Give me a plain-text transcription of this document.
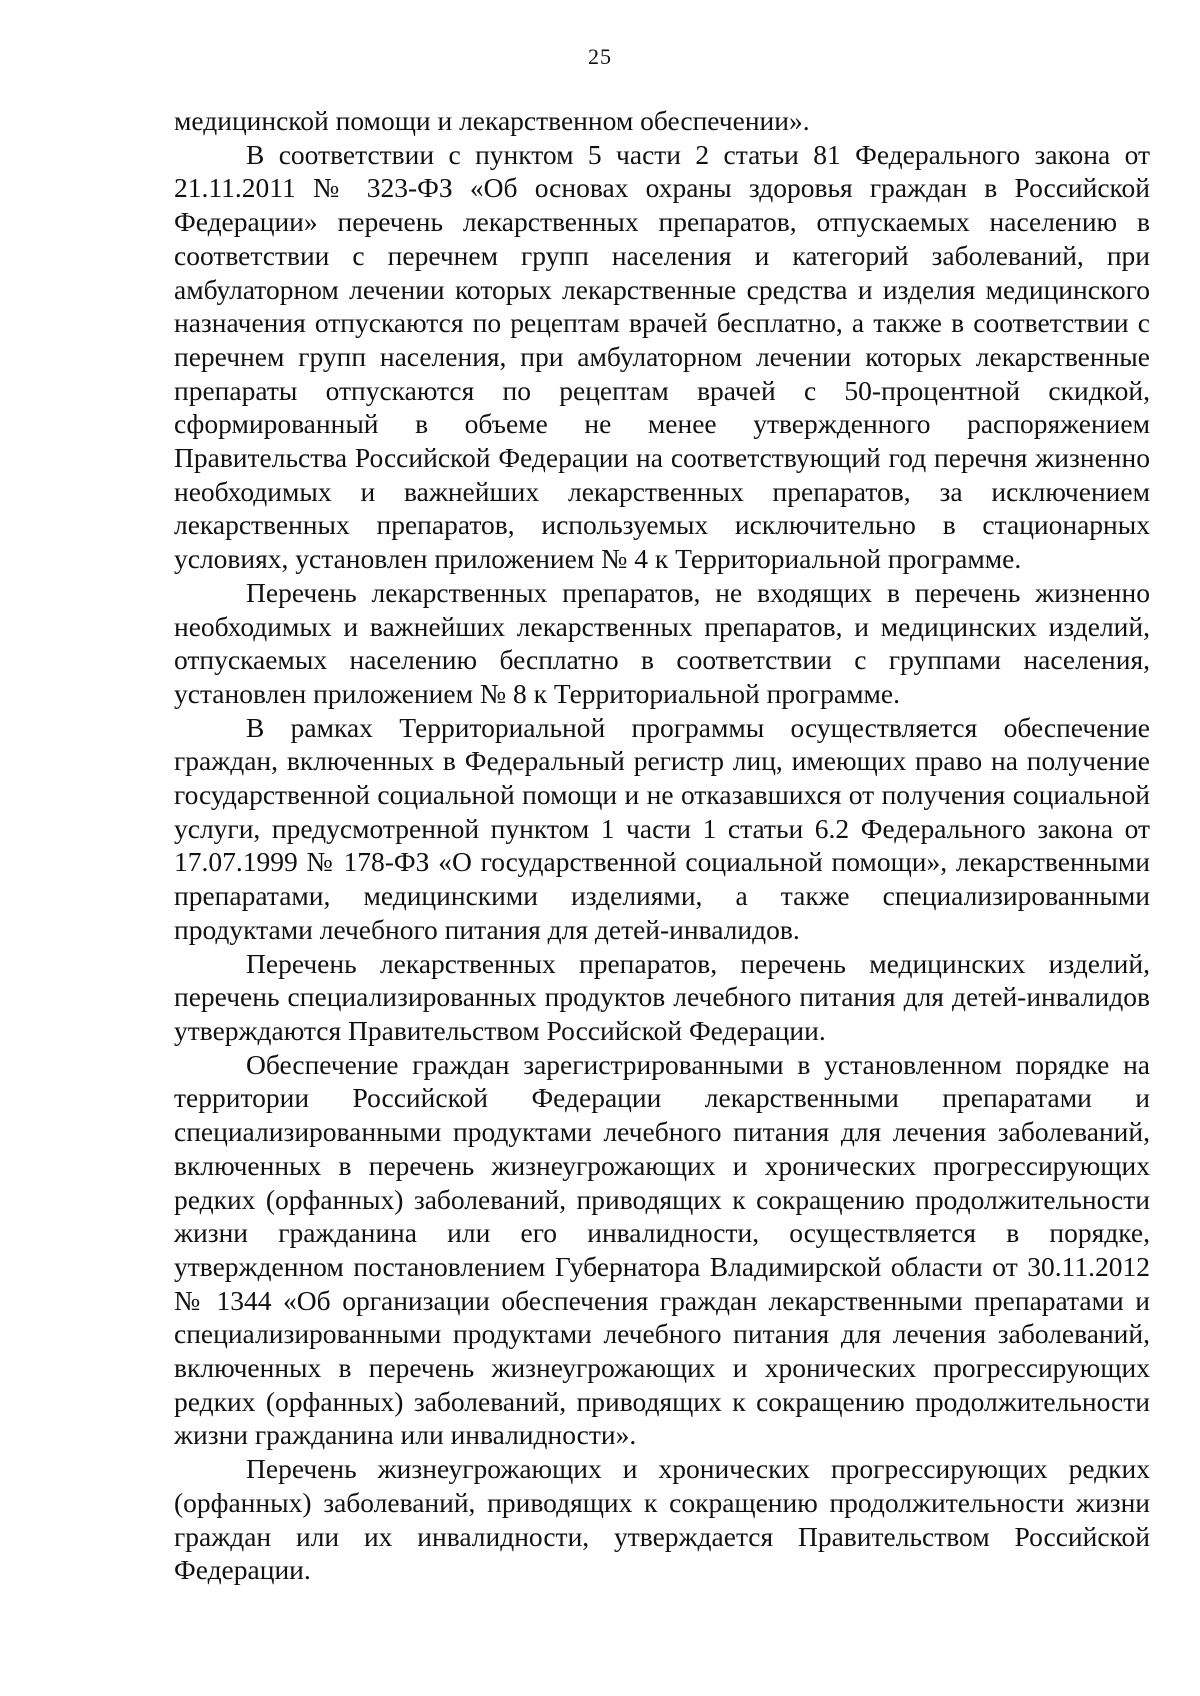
25

медицинской помощи и лекарственном обеспечении».

В соответствии с пунктом 5 части 2 статьи 81 Федерального закона от 21.11.2011 № 323-ФЗ «Об основах охраны здоровья граждан в Российской Федерации» перечень лекарственных препаратов, отпускаемых населению в соответствии с перечнем групп населения и категорий заболеваний, при амбулаторном лечении которых лекарственные средства и изделия медицинского назначения отпускаются по рецептам врачей бесплатно, а также в соответствии с перечнем групп населения, при амбулаторном лечении которых лекарственные препараты отпускаются по рецептам врачей с 50-процентной скидкой, сформированный в объеме не менее утвержденного распоряжением Правительства Российской Федерации на соответствующий год перечня жизненно необходимых и важнейших лекарственных препаратов, за исключением лекарственных препаратов, используемых исключительно в стационарных условиях, установлен приложением № 4 к Территориальной программе.

Перечень лекарственных препаратов, не входящих в перечень жизненно необходимых и важнейших лекарственных препаратов, и медицинских изделий, отпускаемых населению бесплатно в соответствии с группами населения, установлен приложением № 8 к Территориальной программе.

В рамках Территориальной программы осуществляется обеспечение граждан, включенных в Федеральный регистр лиц, имеющих право на получение государственной социальной помощи и не отказавшихся от получения социальной услуги, предусмотренной пунктом 1 части 1 статьи 6.2 Федерального закона от 17.07.1999 № 178-ФЗ «О государственной социальной помощи», лекарственными препаратами, медицинскими изделиями, а также специализированными продуктами лечебного питания для детей-инвалидов.

Перечень лекарственных препаратов, перечень медицинских изделий, перечень специализированных продуктов лечебного питания для детей-инвалидов утверждаются Правительством Российской Федерации.

Обеспечение граждан зарегистрированными в установленном порядке на территории Российской Федерации лекарственными препаратами и специализированными продуктами лечебного питания для лечения заболеваний, включенных в перечень жизнеугрожающих и хронических прогрессирующих редких (орфанных) заболеваний, приводящих к сокращению продолжительности жизни гражданина или его инвалидности, осуществляется в порядке, утвержденном постановлением Губернатора Владимирской области от 30.11.2012 № 1344 «Об организации обеспечения граждан лекарственными препаратами и специализированными продуктами лечебного питания для лечения заболеваний, включенных в перечень жизнеугрожающих и хронических прогрессирующих редких (орфанных) заболеваний, приводящих к сокращению продолжительности жизни гражданина или инвалидности».

Перечень жизнеугрожающих и хронических прогрессирующих редких (орфанных) заболеваний, приводящих к сокращению продолжительности жизни граждан или их инвалидности, утверждается Правительством Российской Федерации.
